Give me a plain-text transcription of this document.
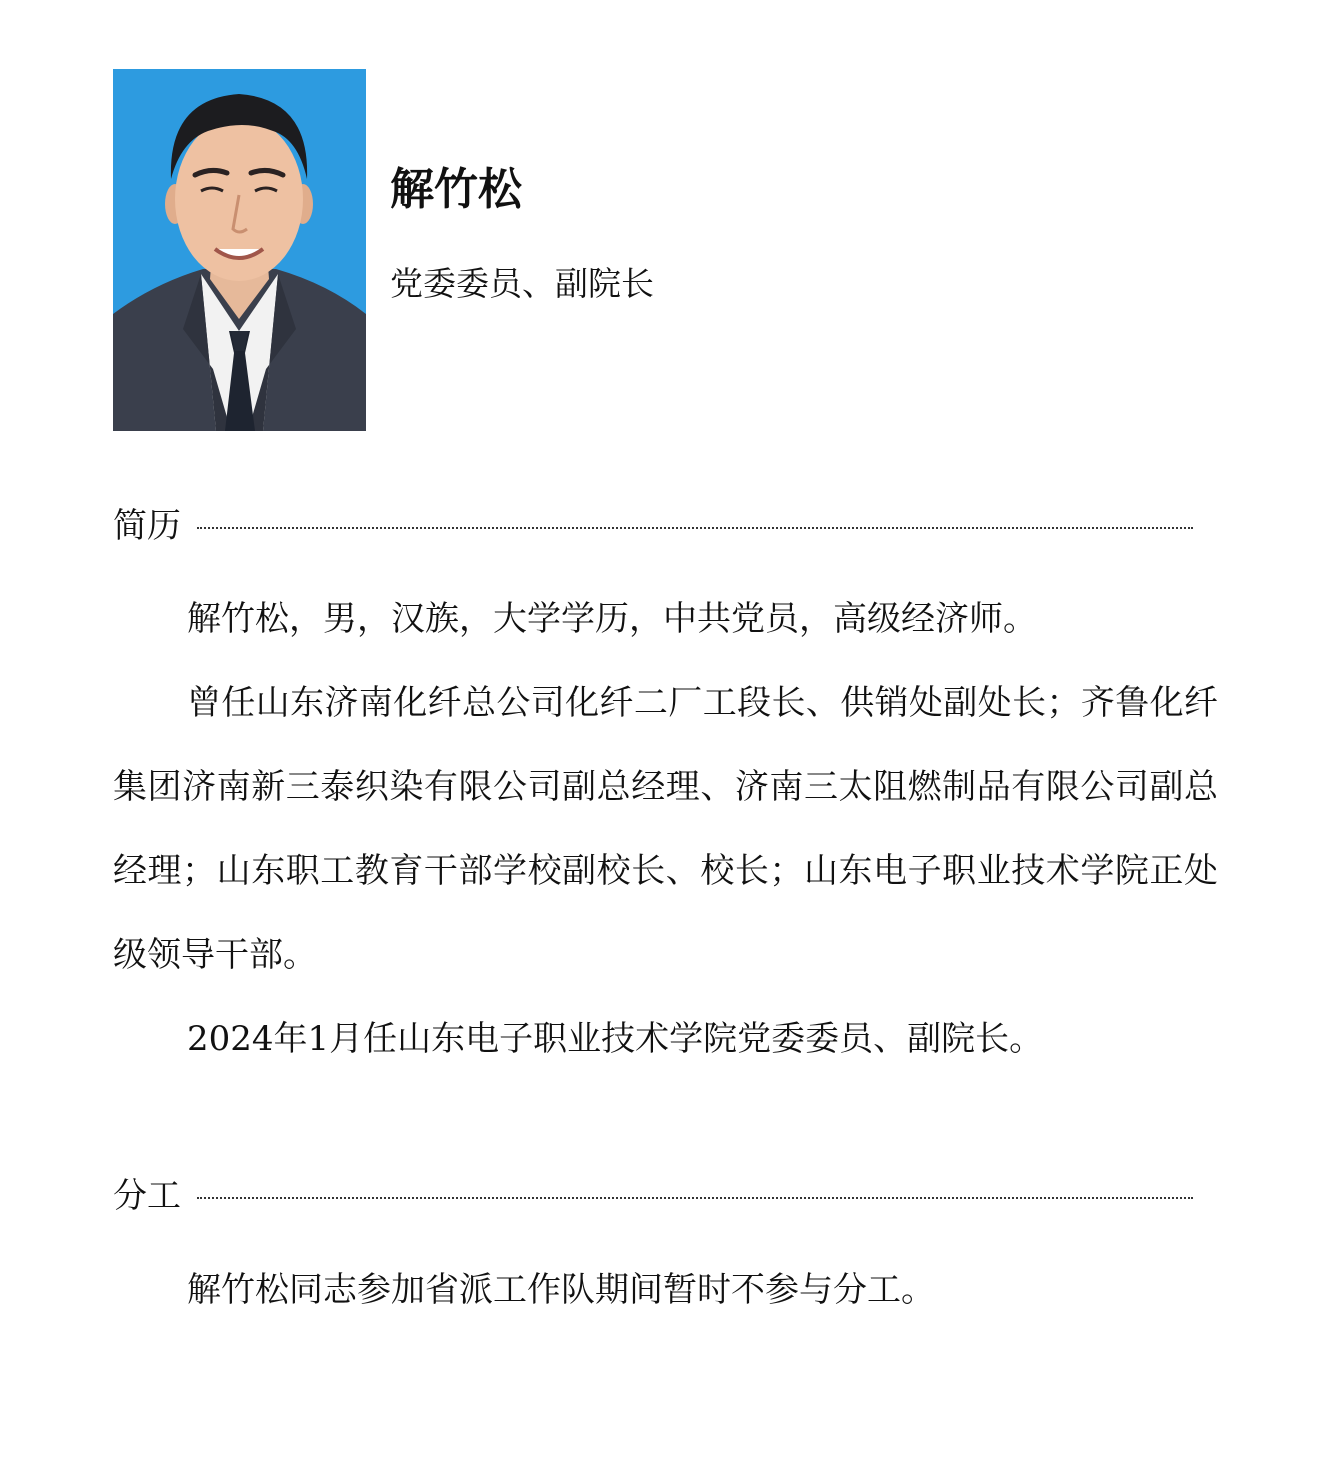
解竹松
党委委员、副院长
简历

解竹松，男，汉族，大学学历，中共党员，高级经济师。

曾任山东济南化纤总公司化纤二厂工段长、供销处副处长；齐鲁化纤集团济南新三泰织染有限公司副总经理、济南三太阻燃制品有限公司副总经理；山东职工教育干部学校副校长、校长；山东电子职业技术学院正处级领导干部。

2024年1月任山东电子职业技术学院党委委员、副院长。

分工

解竹松同志参加省派工作队期间暂时不参与分工。
